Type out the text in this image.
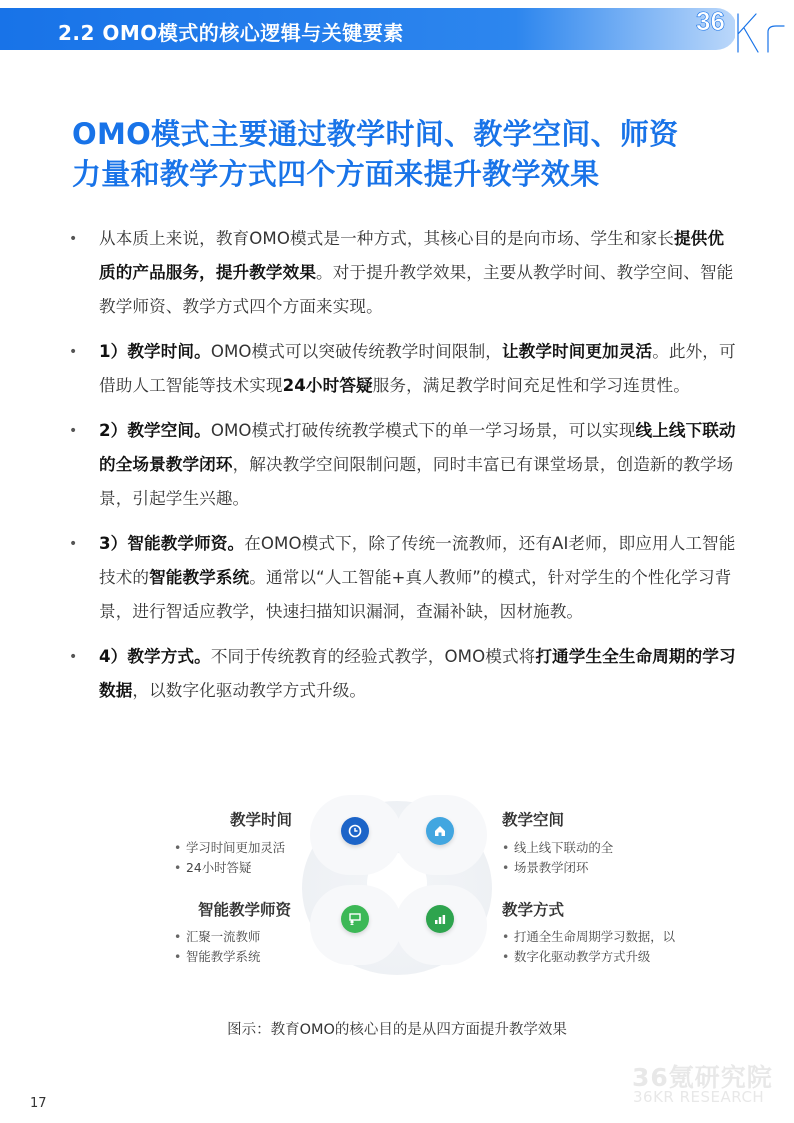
2.2 OMO模式的核心逻辑与关键要素	36
OMO模式主要通过教学时间、教学空间、师资
力量和教学方式四个方面来提升教学效果
• 从本质上来说，教育OMO模式是一种方式，其核心目的是向市场、学生和家长提供优质的产品服务，提升教学效果。对于提升教学效果，主要从教学时间、教学空间、智能教学师资、教学方式四个方面来实现。
• 1）教学时间。OMO模式可以突破传统教学时间限制，让教学时间更加灵活。此外，可借助人工智能等技术实现24小时答疑服务，满足教学时间充足性和学习连贯性。
• 2）教学空间。OMO模式打破传统教学模式下的单一学习场景，可以实现线上线下联动的全场景教学闭环，解决教学空间限制问题，同时丰富已有课堂场景，创造新的教学场景，引起学生兴趣。
• 3）智能教学师资。在OMO模式下，除了传统一流教师，还有AI老师，即应用人工智能技术的智能教学系统。通常以“人工智能+真人教师”的模式，针对学生的个性化学习背景，进行智适应教学，快速扫描知识漏洞，查漏补缺，因材施教。
• 4）教学方式。不同于传统教育的经验式教学，OMO模式将打通学生全生命周期的学习数据，以数字化驱动教学方式升级。
教学时间
• 学习时间更加灵活
• 24小时答疑
教学空间
• 线上线下联动的全
• 场景教学闭环
智能教学师资
• 汇聚一流教师
• 智能教学系统
教学方式
• 打通全生命周期学习数据，以
• 数字化驱动教学方式升级
图示：教育OMO的核心目的是从四方面提升教学效果
36氪研究院
36KR RESEARCH
17
